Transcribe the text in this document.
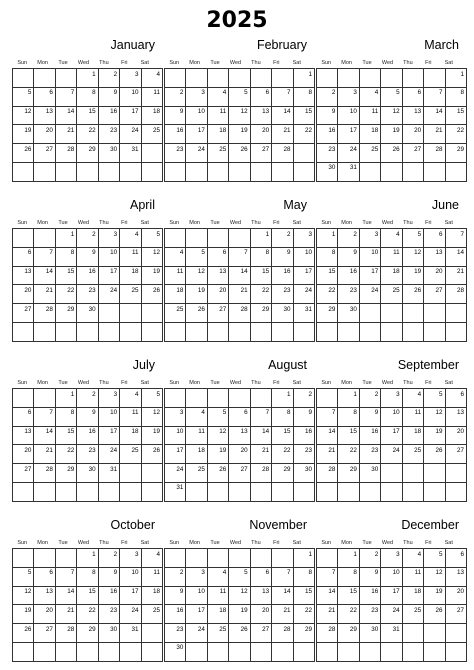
2025
January
Sun	Mon	Tue	Wed	Thu	Fri	Sat

			1	2	3	4

5	6	7	8	9	10	11

12	13	14	15	16	17	18

19	20	21	22	23	24	25

26	27	28	29	30	31	

February
Sun	Mon	Tue	Wed	Thu	Fri	Sat

						1

2	3	4	5	6	7	8

9	10	11	12	13	14	15

16	17	18	19	20	21	22

23	24	25	26	27	28	

March
Sun	Mon	Tue	Wed	Thu	Fri	Sat

						1

2	3	4	5	6	7	8

9	10	11	12	13	14	15

16	17	18	19	20	21	22

23	24	25	26	27	28	29

30	31					

April
Sun	Mon	Tue	Wed	Thu	Fri	Sat

		1	2	3	4	5

6	7	8	9	10	11	12

13	14	15	16	17	18	19

20	21	22	23	24	25	26

27	28	29	30			

May
Sun	Mon	Tue	Wed	Thu	Fri	Sat

				1	2	3

4	5	6	7	8	9	10

11	12	13	14	15	16	17

18	19	20	21	22	23	24

25	26	27	28	29	30	31

June
Sun	Mon	Tue	Wed	Thu	Fri	Sat
1	2	3	4	5	6	7

8	9	10	11	12	13	14

15	16	17	18	19	20	21

22	23	24	25	26	27	28

29	30					

July
Sun	Mon	Tue	Wed	Thu	Fri	Sat

		1	2	3	4	5

6	7	8	9	10	11	12

13	14	15	16	17	18	19

20	21	22	23	24	25	26

27	28	29	30	31		

August
Sun	Mon	Tue	Wed	Thu	Fri	Sat

					1	2

3	4	5	6	7	8	9

10	11	12	13	14	15	16

17	18	19	20	21	22	23

24	25	26	27	28	29	30

31						

September
Sun	Mon	Tue	Wed	Thu	Fri	Sat

	1	2	3	4	5	6

7	8	9	10	11	12	13

14	15	16	17	18	19	20

21	22	23	24	25	26	27

28	29	30				

October
Sun	Mon	Tue	Wed	Thu	Fri	Sat

			1	2	3	4

5	6	7	8	9	10	11

12	13	14	15	16	17	18

19	20	21	22	23	24	25

26	27	28	29	30	31	

November
Sun	Mon	Tue	Wed	Thu	Fri	Sat

						1

2	3	4	5	6	7	8

9	10	11	12	13	14	15

16	17	18	19	20	21	22

23	24	25	26	27	28	29

30						

December
Sun	Mon	Tue	Wed	Thu	Fri	Sat

	1	2	3	4	5	6

7	8	9	10	11	12	13

14	15	16	17	18	19	20

21	22	23	24	25	26	27

28	29	30	31			
